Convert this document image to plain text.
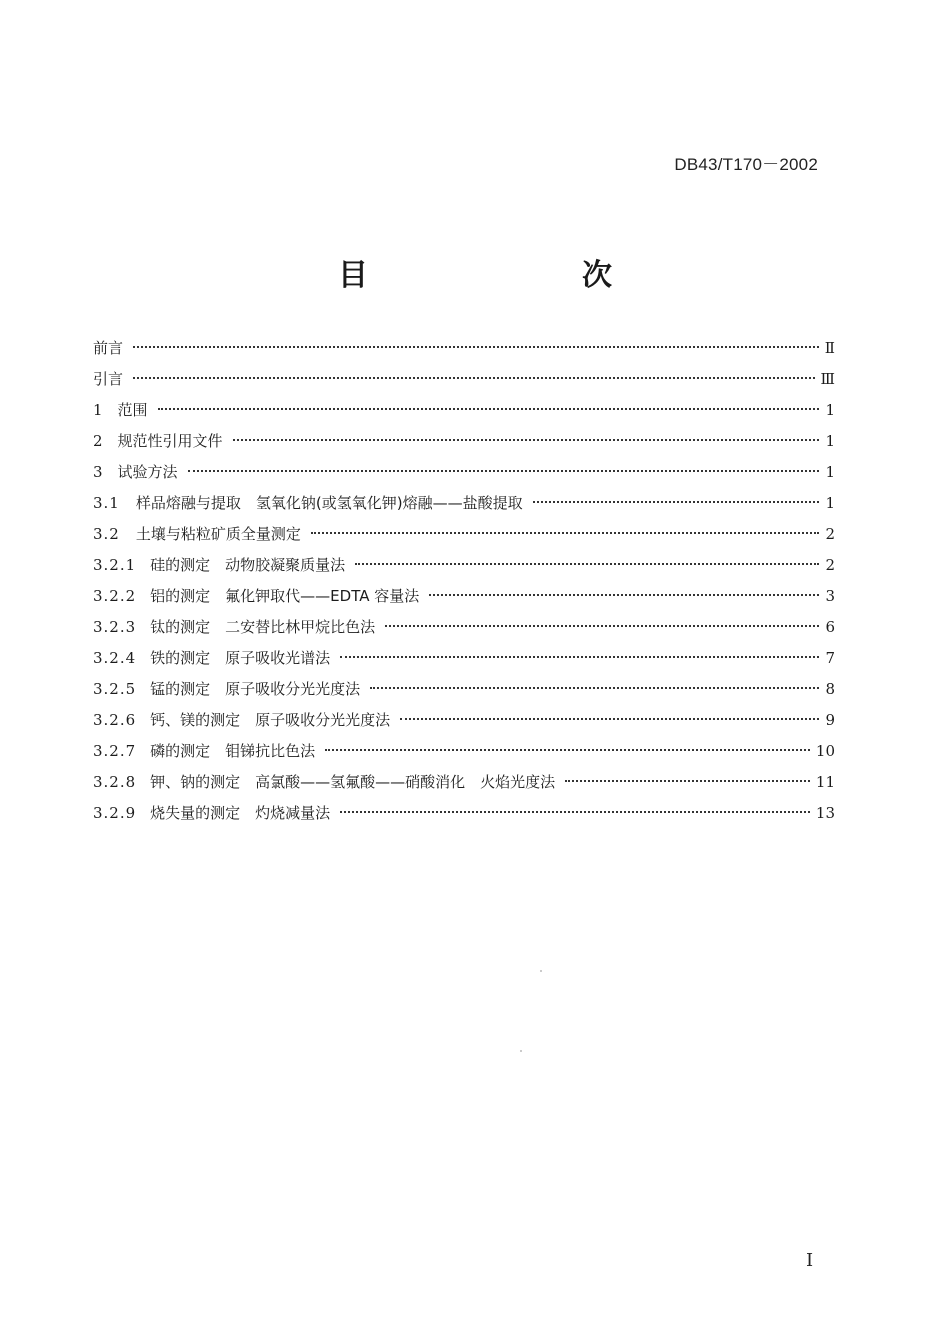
DB43/T170－2002
目　次
前言	Ⅱ
引言	Ⅲ
1 范围	1
2 规范性引用文件	1
3 试验方法	1
3.1 样品熔融与提取　氢氧化钠(或氢氧化钾)熔融——盐酸提取	1
3.2 土壤与粘粒矿质全量测定	2
3.2.1 硅的测定　动物胶凝聚质量法	2
3.2.2 铝的测定　氟化钾取代——EDTA 容量法	3
3.2.3 钛的测定　二安替比林甲烷比色法	6
3.2.4 铁的测定　原子吸收光谱法	7
3.2.5 锰的测定　原子吸收分光光度法	8
3.2.6 钙、镁的测定　原子吸收分光光度法	9
3.2.7 磷的测定　钼锑抗比色法	10
3.2.8 钾、钠的测定　高氯酸——氢氟酸——硝酸消化　火焰光度法	11
3.2.9 烧失量的测定　灼烧减量法	13
I
